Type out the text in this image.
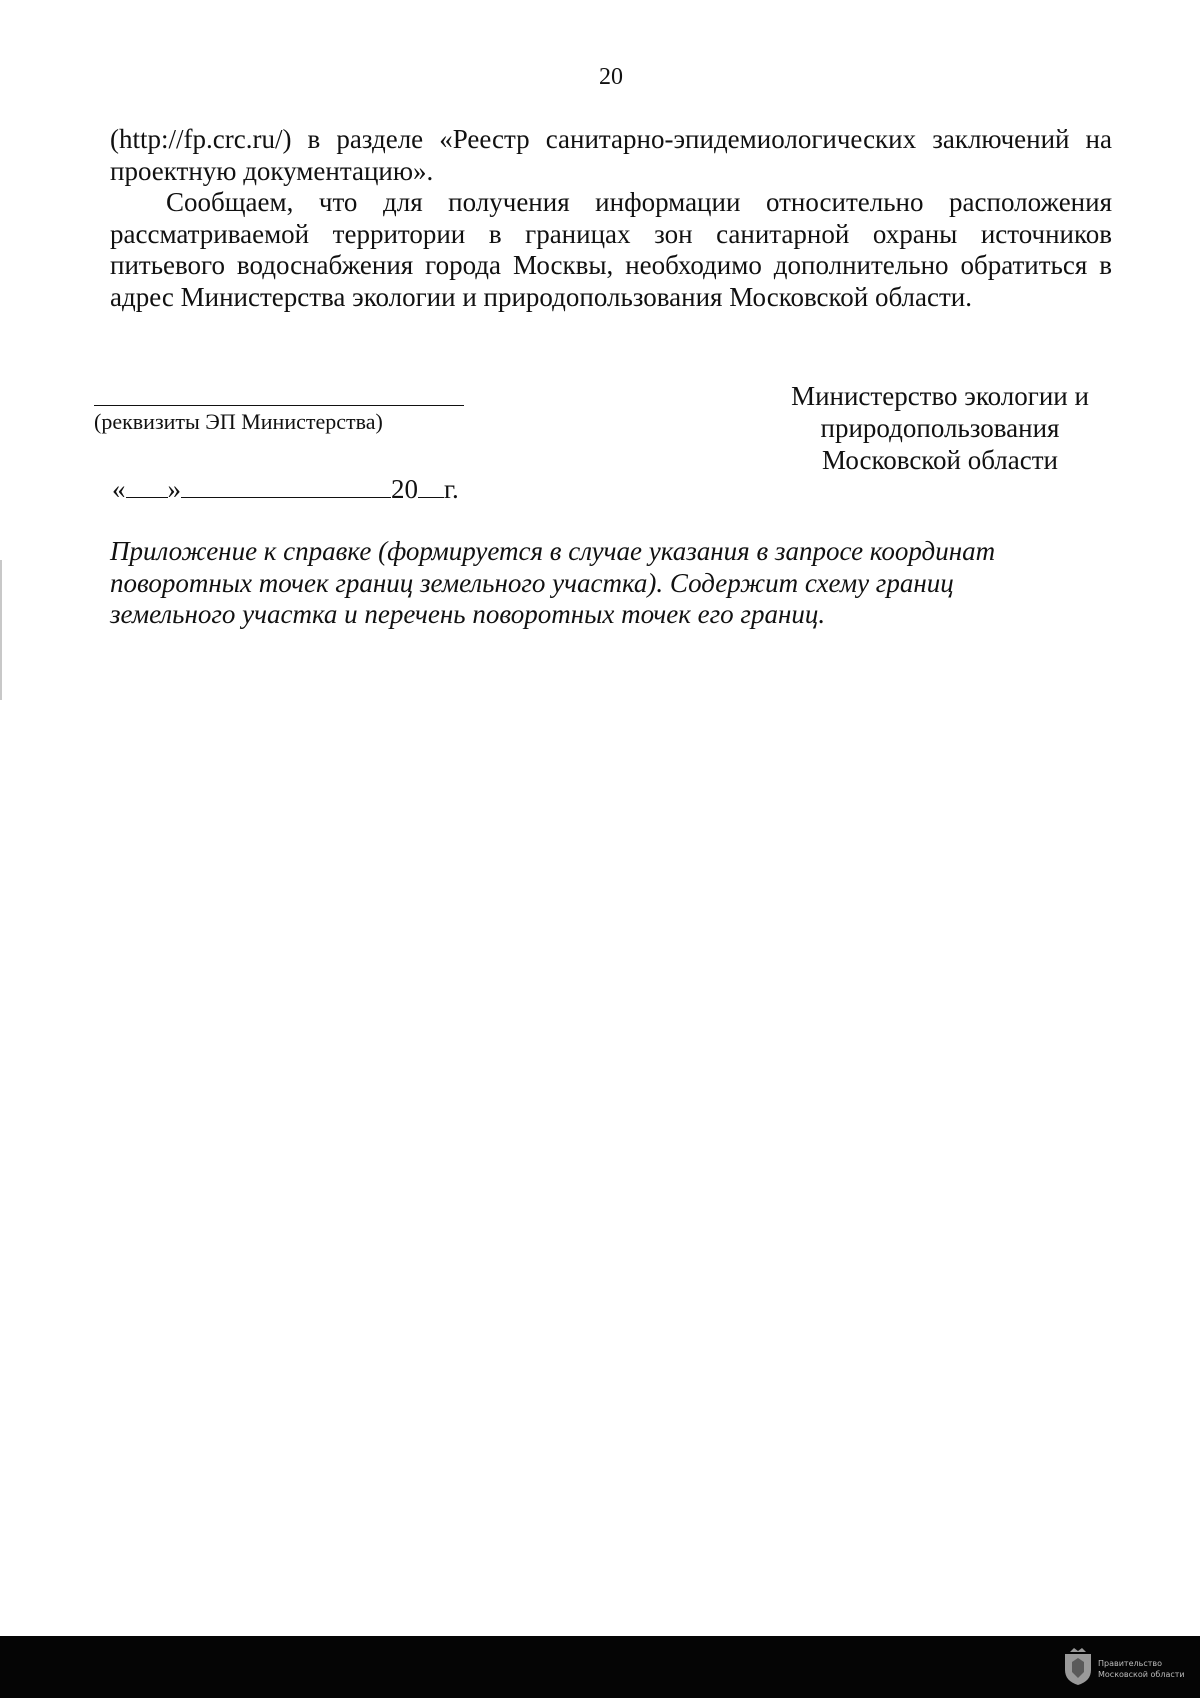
20
(http://fp.crc.ru/) в разделе «Реестр санитарно-эпидемиологических заключений на проектную документацию».
Сообщаем, что для получения информации относительно расположения рассматриваемой территории в границах зон санитарной охраны источников питьевого водоснабжения города Москвы, необходимо дополнительно обратиться в адрес Министерства экологии и природопользования Московской области.
(реквизиты ЭП Министерства)
Министерство экологии и
природопользования
Московской области
« »	20 г.
Приложение к справке (формируется в случае указания в запросе координат поворотных точек границ земельного участка). Содержит схему границ земельного участка и перечень поворотных точек его границ.
Правительство
Московской области
